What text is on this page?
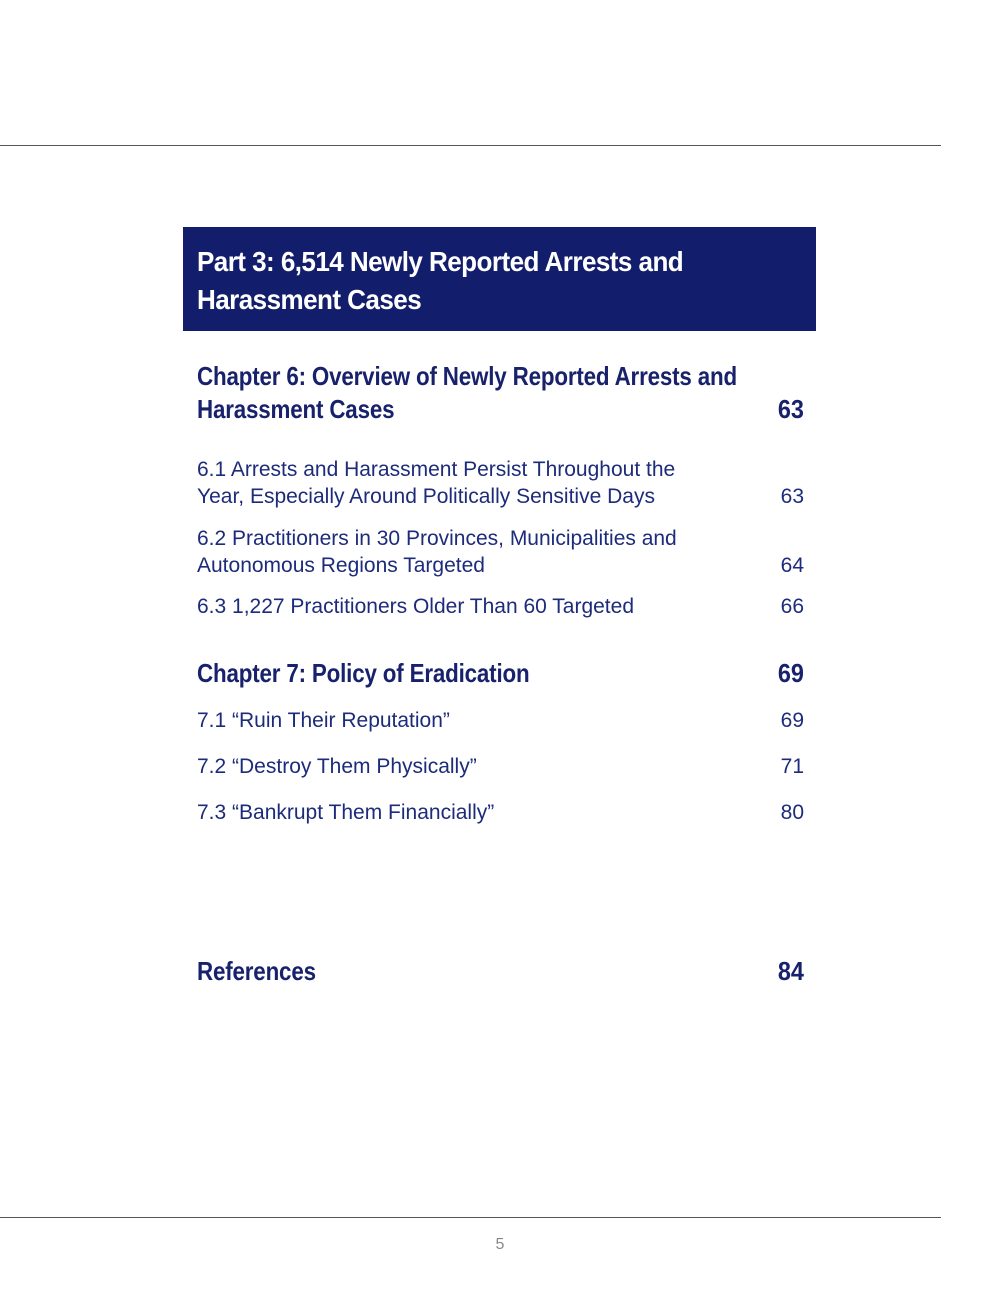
Part 3: 6,514 Newly Reported Arrests and
Harassment Cases
Chapter 6: Overview of Newly Reported Arrests and
Harassment Cases	63
6.1 Arrests and Harassment Persist Throughout the
Year, Especially Around Politically Sensitive Days	63
6.2 Practitioners in 30 Provinces, Municipalities and
Autonomous Regions Targeted	64
6.3 1,227 Practitioners Older Than 60 Targeted	66
Chapter 7: Policy of Eradication	69
7.1 “Ruin Their Reputation”	69
7.2 “Destroy Them Physically”	71
7.3 “Bankrupt Them Financially”	80
References	84
5
